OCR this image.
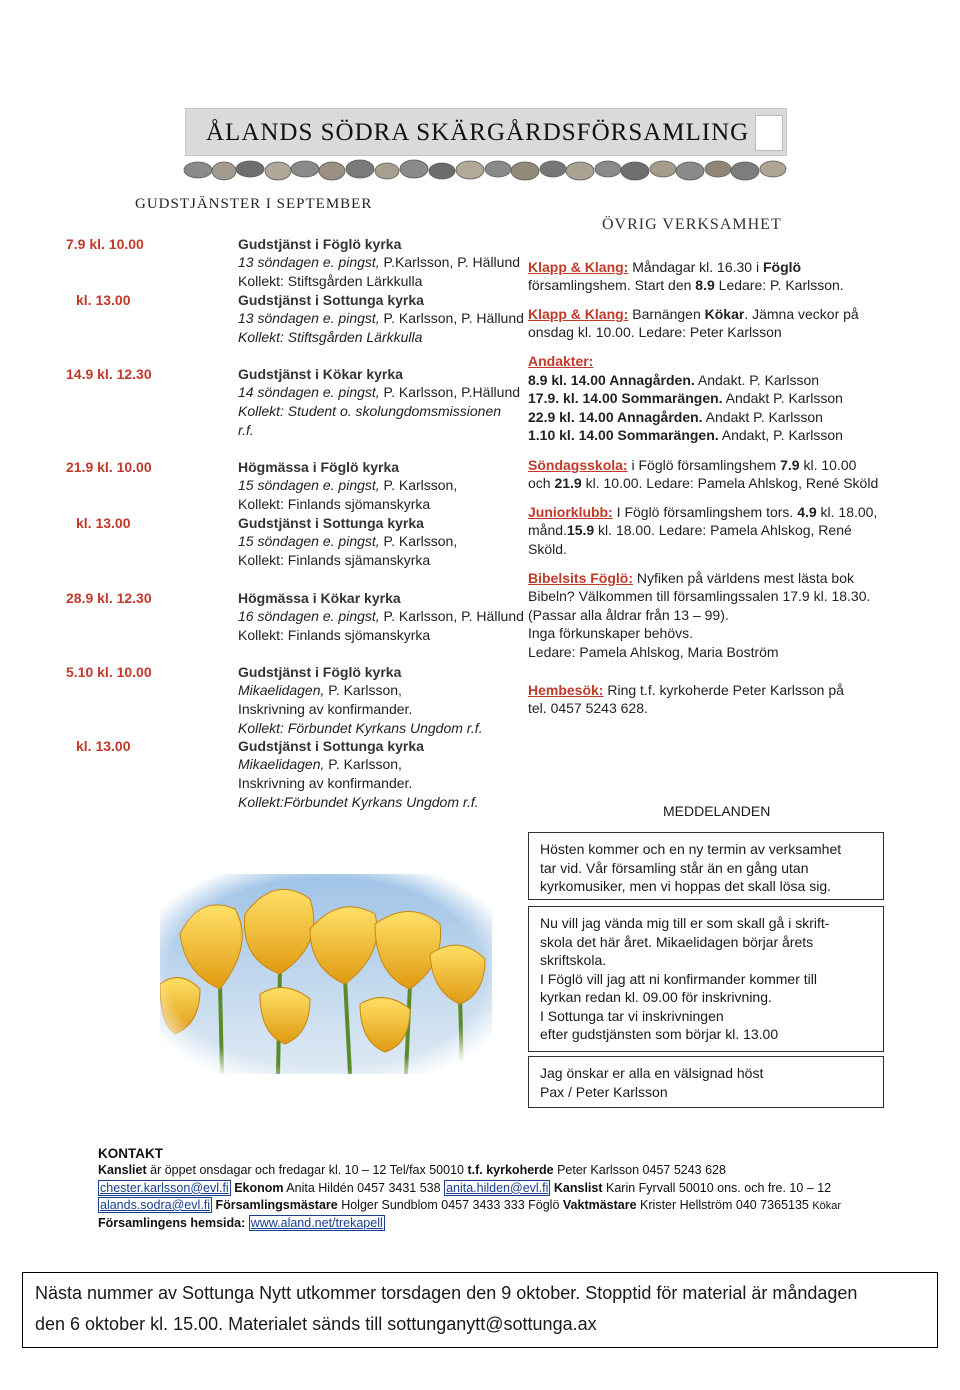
ÅLANDS SÖDRA SKÄRGÅRDSFÖRSAMLING
GUDSTJÄNSTER I SEPTEMBER
7.9 kl. 10.00	Gudstjänst i Föglö kyrka
13 söndagen e. pingst, P.Karlsson, P. Hällund
Kollekt: Stiftsgården Lärkkulla
kl. 13.00	Gudstjänst i Sottunga kyrka
13 söndagen e. pingst, P. Karlsson, P. Hällund
Kollekt: Stiftsgården Lärkkulla
14.9 kl. 12.30	Gudstjänst i Kökar kyrka
14 söndagen e. pingst, P. Karlsson, P.Hällund
Kollekt: Student o. skolungdomsmissionen
r.f.
21.9 kl. 10.00	Högmässa i Föglö kyrka
15 söndagen e. pingst, P. Karlsson,
Kollekt: Finlands sjömanskyrka
kl. 13.00	Gudstjänst i Sottunga kyrka
15 söndagen e. pingst, P. Karlsson,
Kollekt: Finlands sjämanskyrka
28.9 kl. 12.30	Högmässa i Kökar kyrka
16 söndagen e. pingst, P. Karlsson, P. Hällund
Kollekt: Finlands sjömanskyrka
5.10 kl. 10.00	Gudstjänst i Föglö kyrka
Mikaelidagen, P. Karlsson,
Inskrivning av konfirmander.
Kollekt: Förbundet Kyrkans Ungdom r.f.
kl. 13.00	Gudstjänst i Sottunga kyrka
Mikaelidagen, P. Karlsson,
Inskrivning av konfirmander.
Kollekt:Förbundet Kyrkans Ungdom r.f.
ÖVRIG VERKSAMHET
Klapp & Klang: Måndagar kl. 16.30 i Föglö
församlingshem. Start den 8.9 Ledare: P. Karlsson.
Klapp & Klang: Barnängen Kökar. Jämna veckor på
onsdag kl. 10.00. Ledare: Peter Karlsson
Andakter:
8.9 kl. 14.00 Annagården. Andakt. P. Karlsson
17.9. kl. 14.00 Sommarängen. Andakt P. Karlsson
22.9 kl. 14.00 Annagården. Andakt P. Karlsson
1.10 kl. 14.00 Sommarängen. Andakt, P. Karlsson
Söndagsskola: i Föglö församlingshem 7.9 kl. 10.00
och 21.9 kl. 10.00. Ledare: Pamela Ahlskog, René Sköld
Juniorklubb: I Föglö församlingshem tors. 4.9 kl. 18.00,
månd.15.9 kl. 18.00. Ledare: Pamela Ahlskog, René
Sköld.
Bibelsits Föglö: Nyfiken på världens mest lästa bok
Bibeln? Välkommen till församlingssalen 17.9 kl. 18.30.
(Passar alla åldrar från 13 – 99).
Inga förkunskaper behövs.
Ledare: Pamela Ahlskog, Maria Boström
Hembesök: Ring t.f. kyrkoherde Peter Karlsson på
tel. 0457 5243 628.
MEDDELANDEN
Hösten kommer och en ny termin av verksamhet
tar vid. Vår församling står än en gång utan
kyrkomusiker, men vi hoppas det skall lösa sig.
Nu vill jag vända mig till er som skall gå i skrift-
skola det här året. Mikaelidagen börjar årets
skriftskola.
I Föglö vill jag att ni konfirmander kommer till
kyrkan redan kl. 09.00 för inskrivning.
I Sottunga tar vi inskrivningen
efter gudstjänsten som börjar kl. 13.00
Jag önskar er alla en välsignad höst
Pax / Peter Karlsson
KONTAKT
Kansliet är öppet onsdagar och fredagar kl. 10 – 12 Tel/fax 50010 t.f. kyrkoherde Peter Karlsson 0457 5243 628
chester.karlsson@evl.fi Ekonom Anita Hildén 0457 3431 538 anita.hilden@evl.fi Kanslist Karin Fyrvall 50010 ons. och fre. 10 – 12
alands.sodra@evl.fi Församlingsmästare Holger Sundblom 0457 3433 333 Föglö Vaktmästare Krister Hellström 040 7365135 Kökar
Församlingens hemsida: www.aland.net/trekapell
Nästa nummer av Sottunga Nytt utkommer torsdagen den 9 oktober. Stopptid för material är måndagen
den 6 oktober kl. 15.00. Materialet sänds till sottunganytt@sottunga.ax
